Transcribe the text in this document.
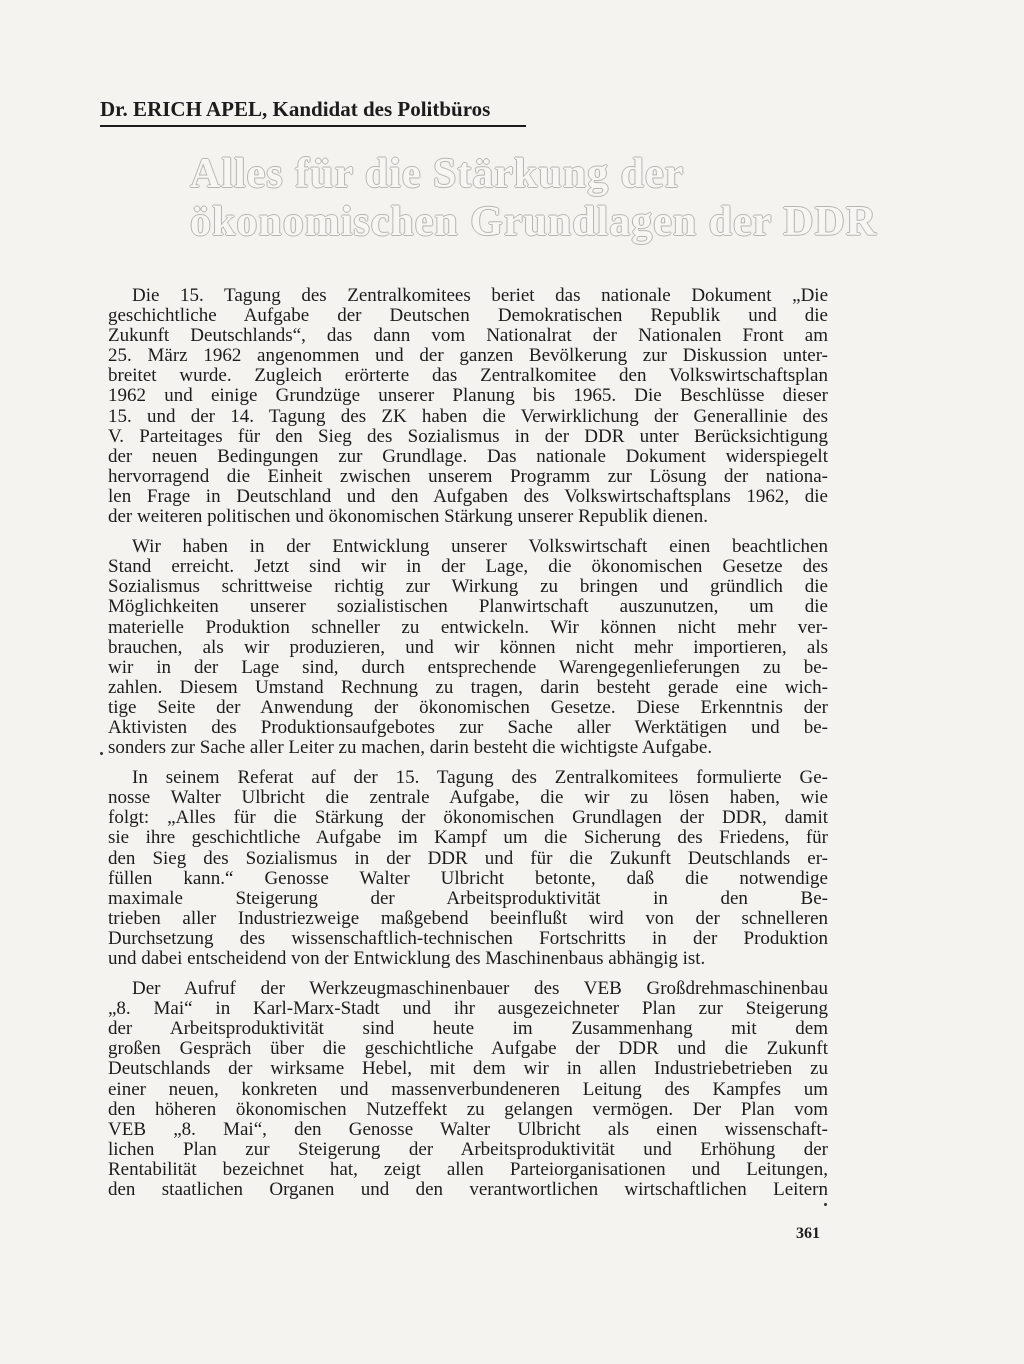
Dr. ERICH APEL, Kandidat des Politbüros
Alles für die Stärkung der
ökonomischen Grundlagen der DDR
Die 15. Tagung des Zentralkomitees beriet das nationale Dokument „Die
geschichtliche Aufgabe der Deutschen Demokratischen Republik und die
Zukunft Deutschlands“, das dann vom Nationalrat der Nationalen Front am
25. März 1962 angenommen und der ganzen Bevölkerung zur Diskussion unter-
breitet wurde. Zugleich erörterte das Zentralkomitee den Volkswirtschaftsplan
1962 und einige Grundzüge unserer Planung bis 1965. Die Beschlüsse dieser
15. und der 14. Tagung des ZK haben die Verwirklichung der Generallinie des
V. Parteitages für den Sieg des Sozialismus in der DDR unter Berücksichtigung
der neuen Bedingungen zur Grundlage. Das nationale Dokument widerspiegelt
hervorragend die Einheit zwischen unserem Programm zur Lösung der nationa-
len Frage in Deutschland und den Aufgaben des Volkswirtschaftsplans 1962, die
der weiteren politischen und ökonomischen Stärkung unserer Republik dienen.
Wir haben in der Entwicklung unserer Volkswirtschaft einen beachtlichen
Stand erreicht. Jetzt sind wir in der Lage, die ökonomischen Gesetze des
Sozialismus schrittweise richtig zur Wirkung zu bringen und gründlich die
Möglichkeiten unserer sozialistischen Planwirtschaft auszunutzen, um die
materielle Produktion schneller zu entwickeln. Wir können nicht mehr ver-
brauchen, als wir produzieren, und wir können nicht mehr importieren, als
wir in der Lage sind, durch entsprechende Warengegenlieferungen zu be-
zahlen. Diesem Umstand Rechnung zu tragen, darin besteht gerade eine wich-
tige Seite der Anwendung der ökonomischen Gesetze. Diese Erkenntnis der
Aktivisten des Produktionsaufgebotes zur Sache aller Werktätigen und be-
sonders zur Sache aller Leiter zu machen, darin besteht die wichtigste Aufgabe.
In seinem Referat auf der 15. Tagung des Zentralkomitees formulierte Ge-
nosse Walter Ulbricht die zentrale Aufgabe, die wir zu lösen haben, wie
folgt: „Alles für die Stärkung der ökonomischen Grundlagen der DDR, damit
sie ihre geschichtliche Aufgabe im Kampf um die Sicherung des Friedens, für
den Sieg des Sozialismus in der DDR und für die Zukunft Deutschlands er-
füllen kann.“ Genosse Walter Ulbricht betonte, daß die notwendige
maximale Steigerung der Arbeitsproduktivität in den Be-
trieben aller Industriezweige maßgebend beeinflußt wird von der schnelleren
Durchsetzung des wissenschaftlich-technischen Fortschritts in der Produktion
und dabei entscheidend von der Entwicklung des Maschinenbaus abhängig ist.
Der Aufruf der Werkzeugmaschinenbauer des VEB Großdrehmaschinenbau
„8. Mai“ in Karl-Marx-Stadt und ihr ausgezeichneter Plan zur Steigerung
der Arbeitsproduktivität sind heute im Zusammenhang mit dem
großen Gespräch über die geschichtliche Aufgabe der DDR und die Zukunft
Deutschlands der wirksame Hebel, mit dem wir in allen Industriebetrieben zu
einer neuen, konkreten und massenverbundeneren Leitung des Kampfes um
den höheren ökonomischen Nutzeffekt zu gelangen vermögen. Der Plan vom
VEB „8. Mai“, den Genosse Walter Ulbricht als einen wissenschaft-
lichen Plan zur Steigerung der Arbeitsproduktivität und Erhöhung der
Rentabilität bezeichnet hat, zeigt allen Parteiorganisationen und Leitungen,
den staatlichen Organen und den verantwortlichen wirtschaftlichen Leitern
361
